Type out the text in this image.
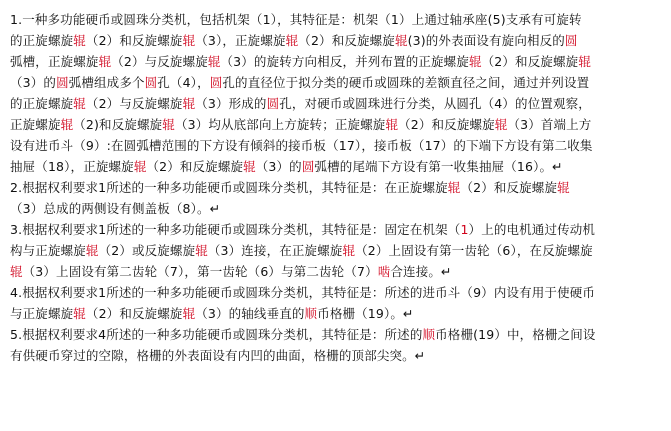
1.一种多功能硬币或圆珠分类机，包括机架（1），其特征是：机架（1）上通过轴承座(5)支承有可旋转
的正旋螺旋辊（2）和反旋螺旋辊（3），正旋螺旋辊（2）和反旋螺旋辊(3)的外表面设有旋向相反的圆
弧槽，正旋螺旋辊（2）与反旋螺旋辊（3）的旋转方向相反，并列布置的正旋螺旋辊（2）和反旋螺旋辊
（3）的圆弧槽组成多个圆孔（4），圆孔的直径位于拟分类的硬币或圆珠的差额直径之间，通过并列设置
的正旋螺旋辊（2）与反旋螺旋辊（3）形成的圆孔，对硬币或圆珠进行分类，从圆孔（4）的位置观察，
正旋螺旋辊（2)和反旋螺旋辊（3）均从底部向上方旋转；正旋螺旋辊（2）和反旋螺旋辊（3）首端上方
设有进币斗（9）:在圆弧槽范围的下方设有倾斜的接币板（17），接币板（17）的下端下方设有第二收集
抽屉（18），正旋螺旋辊（2）和反旋螺旋辊（3）的圆弧槽的尾端下方设有第一收集抽屉（16）。↵
2.根据权利要求1所述的一种多功能硬币或圆珠分类机，其特征是：在正旋螺旋辊（2）和反旋螺旋辊
（3）总成的两侧设有侧盖板（8）。↵
3.根据权利要求1所述的一种多功能硬币或圆珠分类机，其特征是：固定在机架（1）上的电机通过传动机
构与正旋螺旋辊（2）或反旋螺旋辊（3）连接，在正旋螺旋辊（2）上固设有第一齿轮（6），在反旋螺旋
辊（3）上固设有第二齿轮（7），第一齿轮（6）与第二齿轮（7）啮合连接。↵
4.根据权利要求1所述的一种多功能硬币或圆珠分类机，其特征是：所述的进币斗（9）内设有用于使硬币
与正旋螺旋辊（2）和反旋螺旋辊（3）的轴线垂直的顺币格栅（19）。↵
5.根据权利要求4所述的一种多功能硬币或圆珠分类机，其特征是：所述的顺币格栅(19）中，格栅之间设
有供硬币穿过的空隙，格栅的外表面设有内凹的曲面，格栅的顶部尖突。↵
